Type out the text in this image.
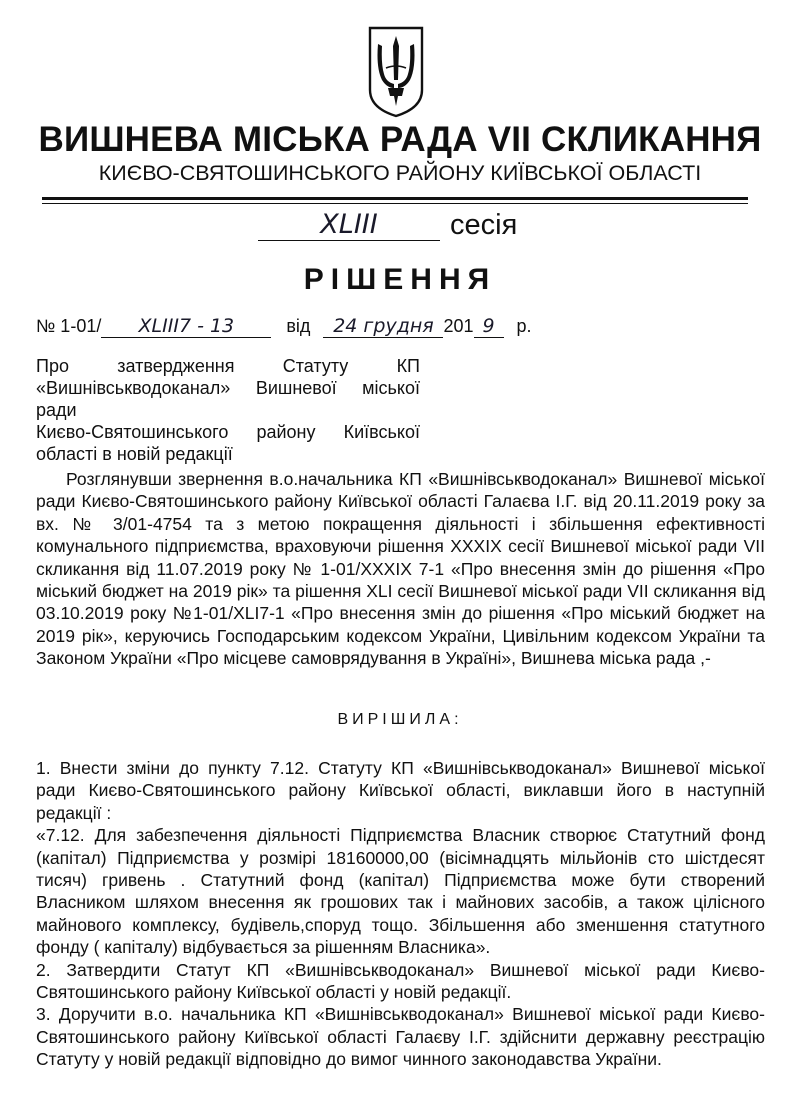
ВИШНЕВА МІСЬКА РАДА VII СКЛИКАННЯ
КИЄВО-СВЯТОШИНСЬКОГО РАЙОНУ КИЇВСЬКОЇ ОБЛАСТІ
XLIII	сесія
РІШЕННЯ
№ 1-01/ XLIII7 - 13	від 24 грудня 201 9 р.
Про затвердження Статуту КП
«Вишнівськводоканал» Вишневої міської ради
Києво-Святошинського району Київської
області в новій редакції
Розглянувши звернення в.о.начальника КП «Вишнівськводоканал» Вишневої міської ради Києво-Святошинського району Київської області Галаєва І.Г. від 20.11.2019 року за вх. № 3/01-4754 та з метою покращення діяльності і збільшення ефективності комунального підприємства, враховуючи рішення XXXIX сесії Вишневої міської ради VII скликання від 11.07.2019 року № 1-01/XXXIX 7-1 «Про внесення змін до рішення «Про міський бюджет на 2019 рік» та рішення XLI сесії Вишневої міської ради VII скликання від 03.10.2019 року №1-01/XLI7-1 «Про внесення змін до рішення «Про міський бюджет на 2019 рік», керуючись Господарським кодексом України, Цивільним кодексом України та Законом України «Про місцеве самоврядування в Україні», Вишнева міська рада ,-
ВИРІШИЛА:

1. Внести зміни до пункту 7.12. Статуту КП «Вишнівськводоканал» Вишневої міської ради Києво-Святошинського району Київської області, виклавши його в наступній редакції :

«7.12. Для забезпечення діяльності Підприємства Власник створює Статутний фонд (капітал) Підприємства у розмірі 18160000,00 (вісімнадцять мільйонів сто шістдесят тисяч) гривень . Статутний фонд (капітал) Підприємства може бути створений Власником шляхом внесення як грошових так і майнових засобів, а також цілісного майнового комплексу, будівель,споруд тощо. Збільшення або зменшення статутного фонду ( капіталу) відбувається за рішенням Власника».

2. Затвердити Статут КП «Вишнівськводоканал» Вишневої міської ради Києво-Святошинського району Київської області у новій редакції.

3. Доручити в.о. начальника КП «Вишнівськводоканал» Вишневої міської ради Києво-Святошинського району Київської області Галаєву І.Г. здійснити державну реєстрацію Статуту у новій редакції відповідно до вимог чинного законодавства України.
